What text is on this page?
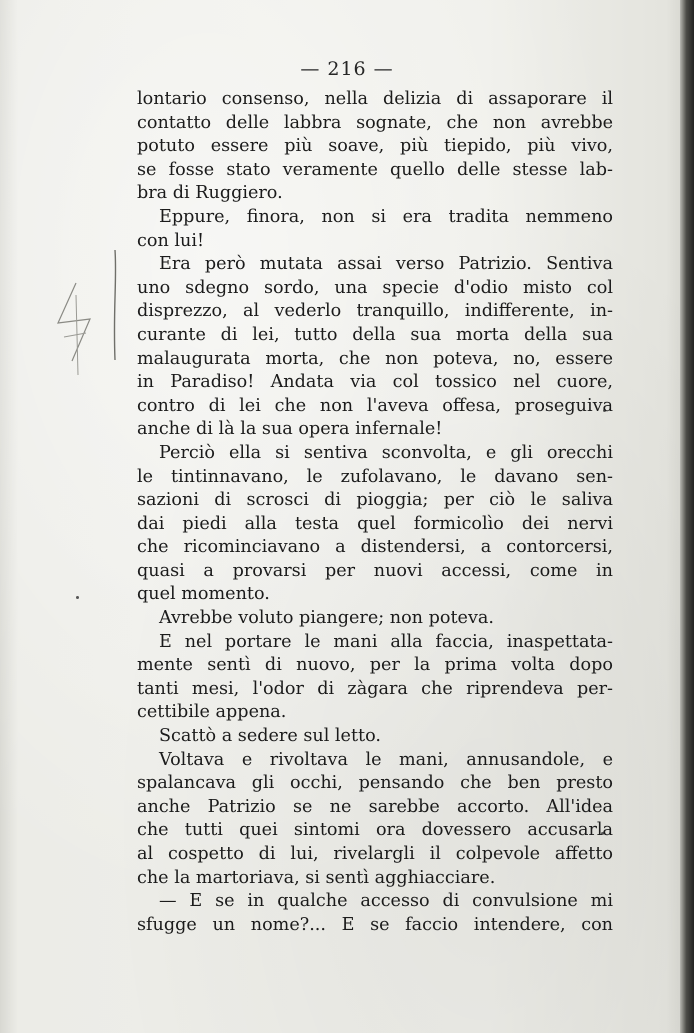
— 216 —
lontario consenso, nella delizia di assaporare il
contatto delle labbra sognate, che non avrebbe
potuto essere più soave, più tiepido, più vivo,
se fosse stato veramente quello delle stesse lab-
bra di Ruggiero.
Eppure, finora, non si era tradita nemmeno
con lui!
Era però mutata assai verso Patrizio. Sentiva
uno sdegno sordo, una specie d'odio misto col
disprezzo, al vederlo tranquillo, indifferente, in-
curante di lei, tutto della sua morta della sua
malaugurata morta, che non poteva, no, essere
in Paradiso! Andata via col tossico nel cuore,
contro di lei che non l'aveva offesa, proseguiva
anche di là la sua opera infernale!
Perciò ella si sentiva sconvolta, e gli orecchi
le tintinnavano, le zufolavano, le davano sen-
sazioni di scrosci di pioggia; per ciò le saliva
dai piedi alla testa quel formicolìo dei nervi
che ricominciavano a distendersi, a contorcersi,
quasi a provarsi per nuovi accessi, come in
quel momento.
Avrebbe voluto piangere; non poteva.
E nel portare le mani alla faccia, inaspettata-
mente sentì di nuovo, per la prima volta dopo
tanti mesi, l'odor di zàgara che riprendeva per-
cettibile appena.
Scattò a sedere sul letto.
Voltava e rivoltava le mani, annusandole, e
spalancava gli occhi, pensando che ben presto
anche Patrizio se ne sarebbe accorto. All'idea
che tutti quei sintomi ora dovessero accusarla
al cospetto di lui, rivelargli il colpevole affetto
che la martoriava, si sentì agghiacciare.
— E se in qualche accesso di convulsione mi
sfugge un nome?... E se faccio intendere, con
